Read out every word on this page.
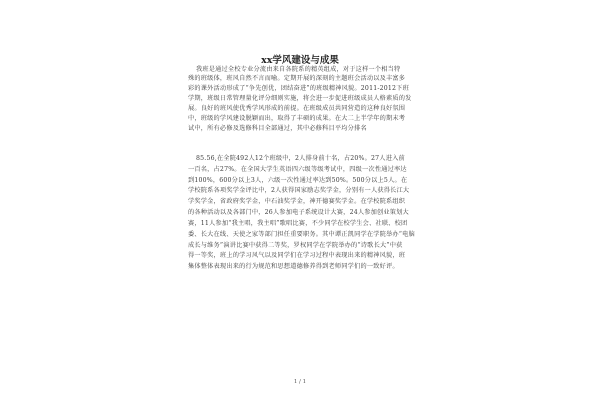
xx学风建设与成果
我班是通过全校专业分流由来自各院系的精英组成，对于这样一个相当特
殊的班级体，班风自然不言而喻。定期开展的深刻的主题班会活动以及丰富多
彩的课外活动形成了“争先创优，团结奋进”的班级精神风貌。2011-2012下班
学期，班级日常管理量化评分细则实施，将会进一步促进班级成员人格素质的发
展。良好的班风使优秀学风形成的前提。在班级成员共同营造的这种良好氛围
中，班级的学风建设脱颖而出，取得了丰硕的成果。在大二上半学年的期末考
试中，所有必修及选修科目全部通过，其中必修科目平均分排名
85.56,在全院492人12个班级中，2人排身前十名，占20%。27人进入前
一百名，占27%。在全国大学生英语四六级等级考试中，四级一次性通过率达
到100%，600分以上3人，六级一次性通过率达到50%。500分以上5人。在
学校院系各项奖学金评比中，2人获得国家励志奖学金，分别有一人获得长江大
学奖学金，省政府奖学金，中石油奖学金，神开德赛奖学金。在学校院系组织
的各种活动以及各部门中，26人参加电子系统设计大赛，24人参加创业策划大
赛，11人参加“我主唱，我主唱”歌唱比赛，不少同学在校学生会、社联、校团
委、长大在线、天使之家等部门担任重要职务。其中谭正凯同学在学院举办“电脑
成长与维务”演讲比赛中获得二等奖，罗权同学在学院举办的“诗歌长大”中获
得一等奖，班上的学习风气以及同学们在学习过程中表现出来的精神风貌，班
集体整体表现出来的行为规范和思想道德修养得到老师同学们的一致好评。
1 / 1
